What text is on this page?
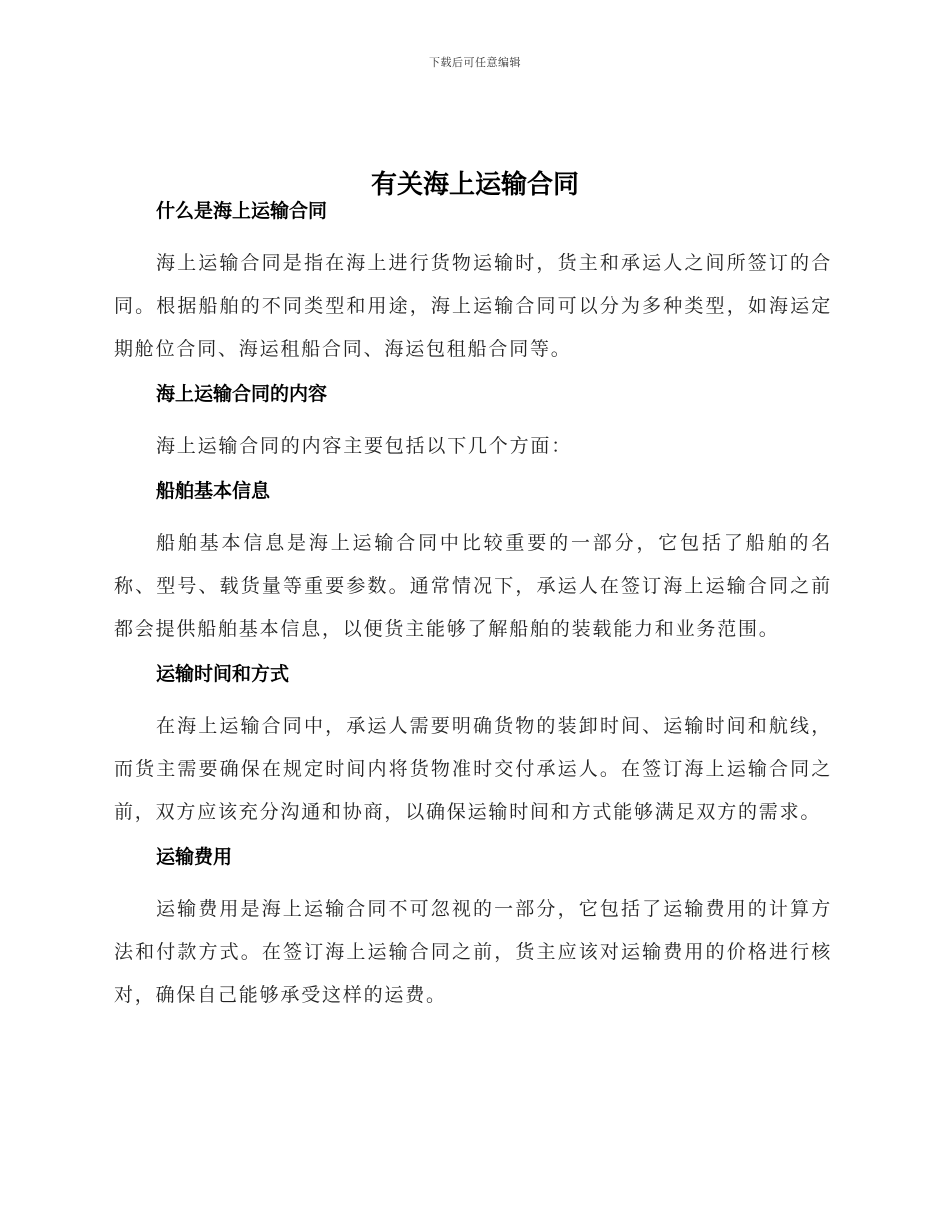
下载后可任意编辑
有关海上运输合同
什么是海上运输合同

海上运输合同是指在海上进行货物运输时，货主和承运人之间所签订的合同。根据船舶的不同类型和用途，海上运输合同可以分为多种类型，如海运定期舱位合同、海运租船合同、海运包租船合同等。

海上运输合同的内容

海上运输合同的内容主要包括以下几个方面：

船舶基本信息

船舶基本信息是海上运输合同中比较重要的一部分，它包括了船舶的名称、型号、载货量等重要参数。通常情况下，承运人在签订海上运输合同之前都会提供船舶基本信息，以便货主能够了解船舶的装载能力和业务范围。

运输时间和方式

在海上运输合同中，承运人需要明确货物的装卸时间、运输时间和航线，而货主需要确保在规定时间内将货物准时交付承运人。在签订海上运输合同之前，双方应该充分沟通和协商，以确保运输时间和方式能够满足双方的需求。

运输费用

运输费用是海上运输合同不可忽视的一部分，它包括了运输费用的计算方法和付款方式。在签订海上运输合同之前，货主应该对运输费用的价格进行核对，确保自己能够承受这样的运费。
